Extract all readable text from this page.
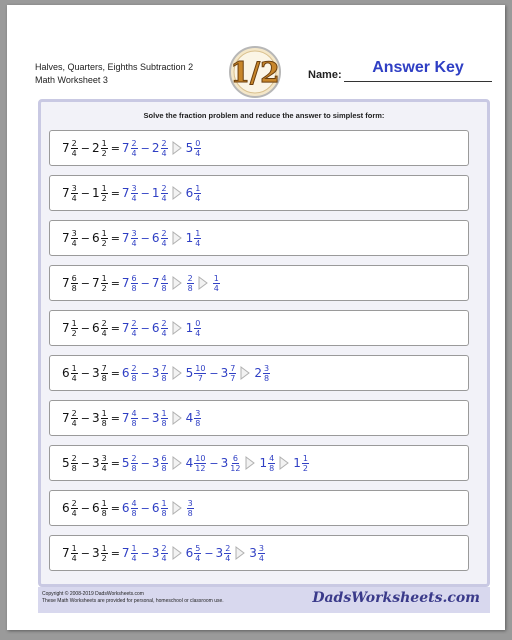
Halves, Quarters, Eighths Subtraction 2
Math Worksheet 3	1/2	Name:	Answer Key
Solve the fraction problem and reduce the answer to simplest form:
$7 \frac{2}{4} - 2 \frac{1}{2} = 7 \frac{2}{4} - 2 \frac{2}{4} 5 \frac{0}{4}$
$7 \frac{3}{4} - 1 \frac{1}{2} = 7 \frac{3}{4} - 1 \frac{2}{4} 6 \frac{1}{4}$
$7 \frac{3}{4} - 6 \frac{1}{2} = 7 \frac{3}{4} - 6 \frac{2}{4} 1 \frac{1}{4}$
$7 \frac{6}{8} - 7 \frac{1}{2} = 7 \frac{6}{8} - 7 \frac{4}{8} \frac{2}{8} \frac{1}{4}$
$7 \frac{1}{2} - 6 \frac{2}{4} = 7 \frac{2}{4} - 6 \frac{2}{4} 1 \frac{0}{4}$
$6 \frac{1}{4} - 3 \frac{7}{8} = 6 \frac{2}{8} - 3 \frac{7}{8} 5 \frac{10}{7} - 3 \frac{7}{7} 2 \frac{3}{8}$
$7 \frac{2}{4} - 3 \frac{1}{8} = 7 \frac{4}{8} - 3 \frac{1}{8} 4 \frac{3}{8}$
$5 \frac{2}{8} - 3 \frac{3}{4} = 5 \frac{2}{8} - 3 \frac{6}{8} 4 \frac{10}{12} - 3 \frac{6}{12} 1 \frac{4}{8} 1 \frac{1}{2}$
$6 \frac{2}{4} - 6 \frac{1}{8} = 6 \frac{4}{8} - 6 \frac{1}{8} \frac{3}{8}$
$7 \frac{1}{4} - 3 \frac{1}{2} = 7 \frac{1}{4} - 3 \frac{2}{4} 6 \frac{5}{4} - 3 \frac{2}{4} 3 \frac{3}{4}$
Copyright © 2008-2019 DadsWorksheets.com
These Math Worksheets are provided for personal, homeschool or classroom use.	DadsWorksheets.com
